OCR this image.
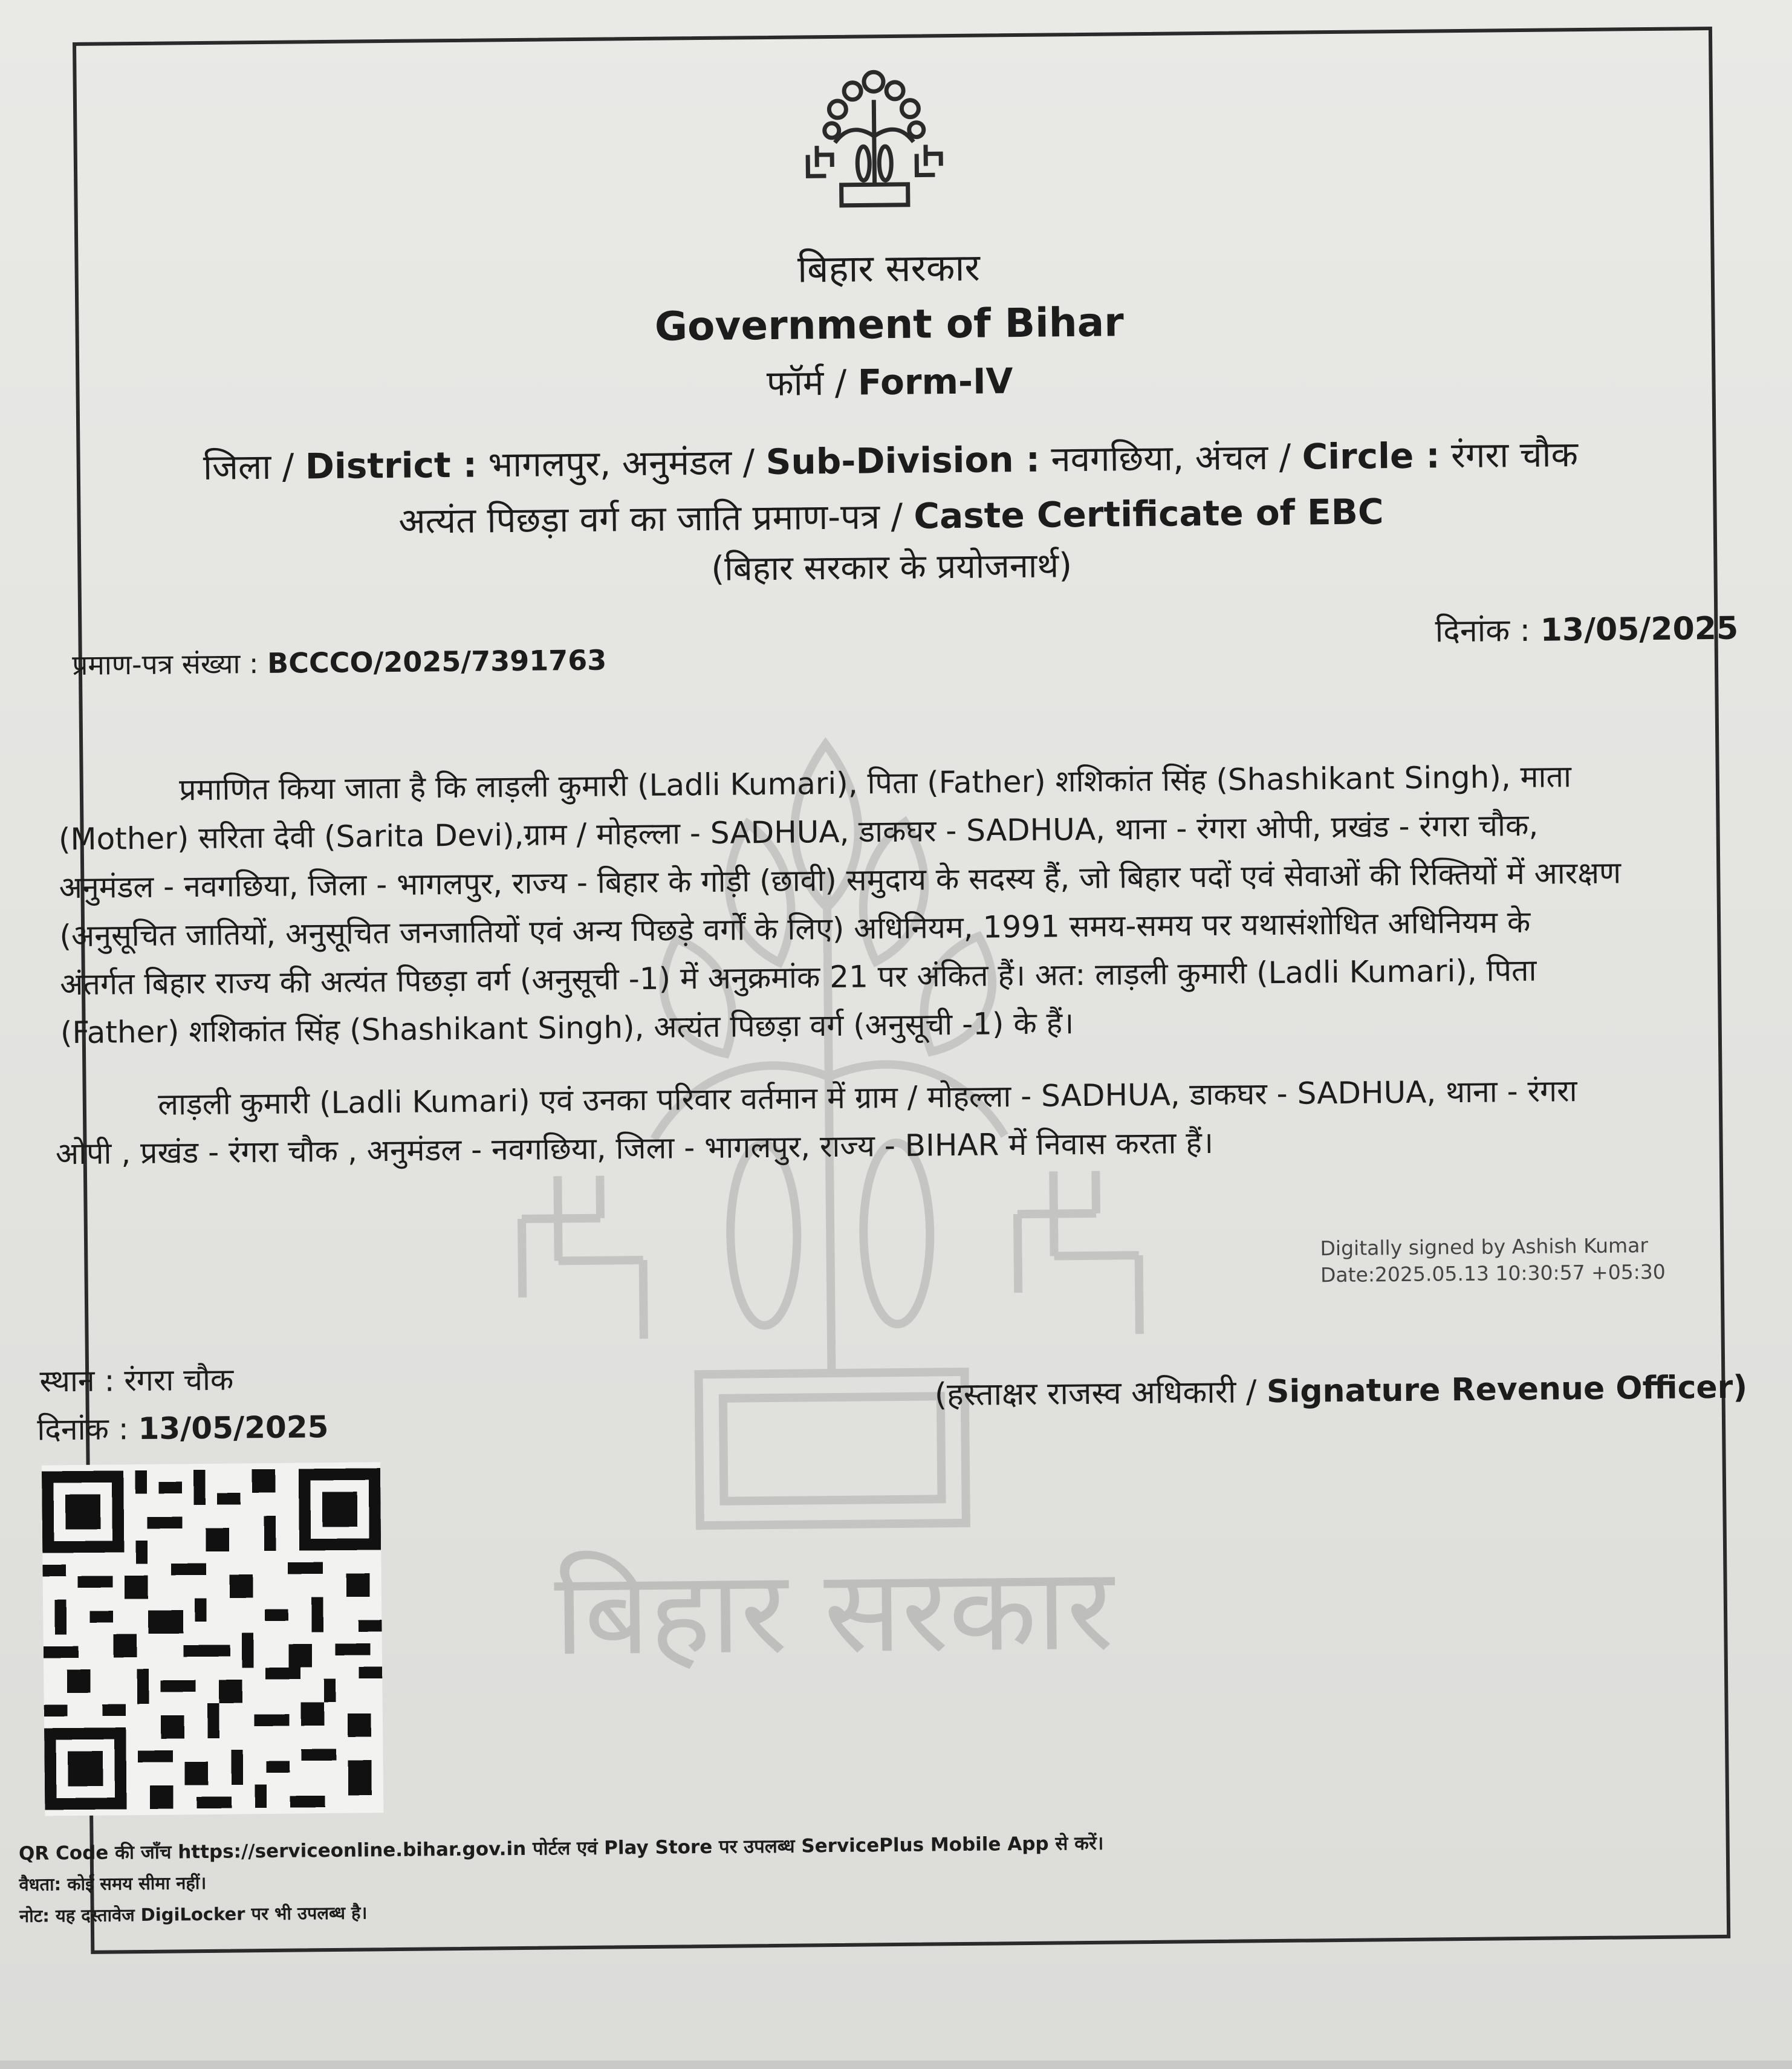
बिहार सरकार
बिहार सरकार
Government of Bihar
फॉर्म / Form-IV
जिला / District : भागलपुर, अनुमंडल / Sub-Division : नवगछिया, अंचल / Circle : रंगरा चौक
अत्यंत पिछड़ा वर्ग का जाति प्रमाण-पत्र / Caste Certificate of EBC
(बिहार सरकार के प्रयोजनार्थ)
दिनांक : 13/05/2025
प्रमाण-पत्र संख्या : BCCCO/2025/7391763
प्रमाणित किया जाता है कि लाड़ली कुमारी (Ladli Kumari), पिता (Father) शशिकांत सिंह (Shashikant Singh), माता
(Mother) सरिता देवी (Sarita Devi),ग्राम / मोहल्ला - SADHUA, डाकघर - SADHUA, थाना - रंगरा ओपी, प्रखंड - रंगरा चौक,
अनुमंडल - नवगछिया, जिला - भागलपुर, राज्य - बिहार के गोड़ी (छावी) समुदाय के सदस्य हैं, जो बिहार पदों एवं सेवाओं की रिक्तियों में आरक्षण
(अनुसूचित जातियों, अनुसूचित जनजातियों एवं अन्य पिछड़े वर्गों के लिए) अधिनियम, 1991 समय-समय पर यथासंशोधित अधिनियम के
अंतर्गत बिहार राज्य की अत्यंत पिछड़ा वर्ग (अनुसूची -1) में अनुक्रमांक 21 पर अंकित हैं। अत: लाड़ली कुमारी (Ladli Kumari), पिता
(Father) शशिकांत सिंह (Shashikant Singh), अत्यंत पिछड़ा वर्ग (अनुसूची -1) के हैं।
लाड़ली कुमारी (Ladli Kumari) एवं उनका परिवार वर्तमान में ग्राम / मोहल्ला - SADHUA, डाकघर - SADHUA, थाना - रंगरा
ओपी , प्रखंड - रंगरा चौक , अनुमंडल - नवगछिया, जिला - भागलपुर, राज्य - BIHAR में निवास करता हैं।
Digitally signed by Ashish Kumar
Date:2025.05.13 10:30:57 +05:30
(हस्ताक्षर राजस्व अधिकारी / Signature Revenue Officer)
स्थान : रंगरा चौक
दिनांक : 13/05/2025
QR Code की जाँच https://serviceonline.bihar.gov.in पोर्टल एवं Play Store पर उपलब्ध ServicePlus Mobile App से करें।
वैधता: कोई समय सीमा नहीं।
नोट: यह दस्तावेज DigiLocker पर भी उपलब्ध है।
